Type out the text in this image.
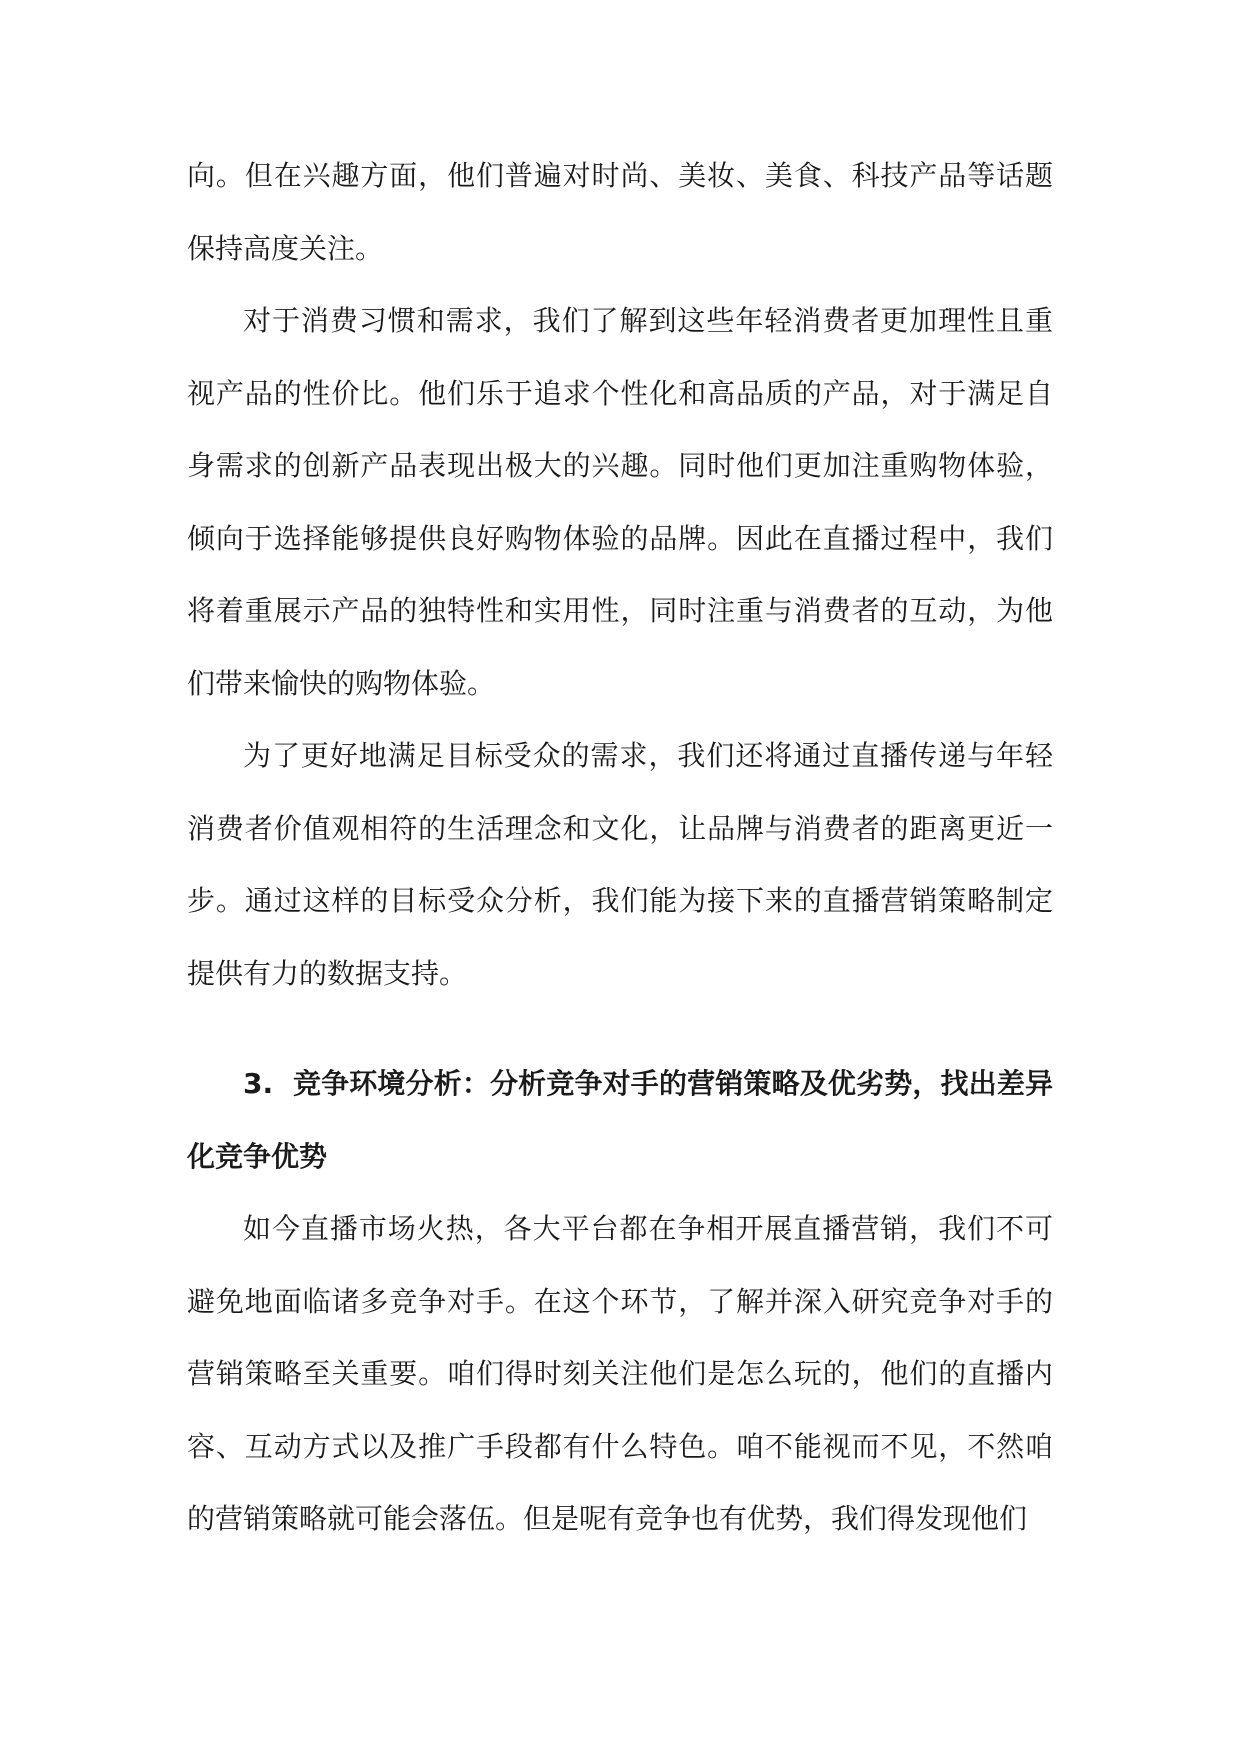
向。但在兴趣方面，他们普遍对时尚、美妆、美食、科技产品等话题保持高度关注。

对于消费习惯和需求，我们了解到这些年轻消费者更加理性且重视产品的性价比。他们乐于追求个性化和高品质的产品，对于满足自身需求的创新产品表现出极大的兴趣。同时他们更加注重购物体验，倾向于选择能够提供良好购物体验的品牌。因此在直播过程中，我们将着重展示产品的独特性和实用性，同时注重与消费者的互动，为他们带来愉快的购物体验。

为了更好地满足目标受众的需求，我们还将通过直播传递与年轻消费者价值观相符的生活理念和文化，让品牌与消费者的距离更近一步。通过这样的目标受众分析，我们能为接下来的直播营销策略制定提供有力的数据支持。

3. 竞争环境分析：分析竞争对手的营销策略及优劣势，找出差异化竞争优势

如今直播市场火热，各大平台都在争相开展直播营销，我们不可避免地面临诸多竞争对手。在这个环节，了解并深入研究竞争对手的营销策略至关重要。咱们得时刻关注他们是怎么玩的，他们的直播内容、互动方式以及推广手段都有什么特色。咱不能视而不见，不然咱的营销策略就可能会落伍。但是呢有竞争也有优势，我们得发现他们
